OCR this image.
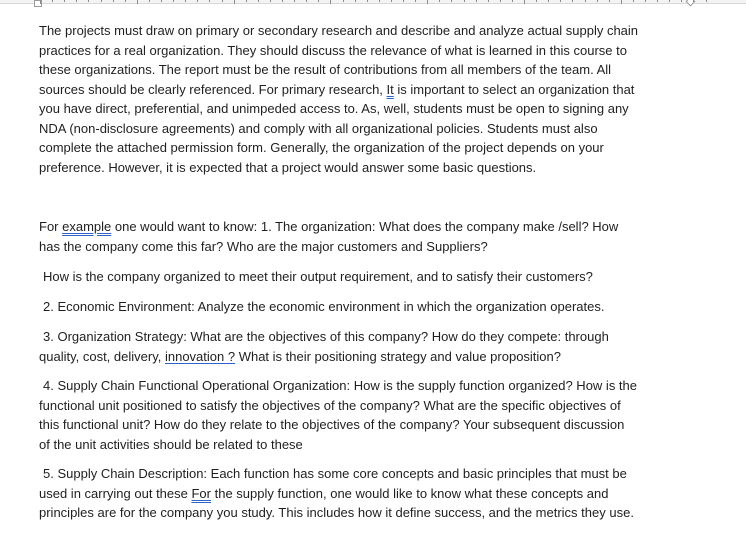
The projects must draw on primary or secondary research and describe and analyze actual supply chain
practices for a real organization. They should discuss the relevance of what is learned in this course to
these organizations. The report must be the result of contributions from all members of the team. All
sources should be clearly referenced. For primary research, It is important to select an organization that
you have direct, preferential, and unimpeded access to. As, well, students must be open to signing any
NDA (non-disclosure agreements) and comply with all organizational policies. Students must also
complete the attached permission form. Generally, the organization of the project depends on your
preference. However, it is expected that a project would answer some basic questions.
For example one would want to know: 1. The organization: What does the company make /sell? How
has the company come this far? Who are the major customers and Suppliers?
How is the company organized to meet their output requirement, and to satisfy their customers?
2. Economic Environment: Analyze the economic environment in which the organization operates.
3. Organization Strategy: What are the objectives of this company? How do they compete: through
quality, cost, delivery, innovation ? What is their positioning strategy and value proposition?
4. Supply Chain Functional Operational Organization: How is the supply function organized? How is the
functional unit positioned to satisfy the objectives of the company? What are the specific objectives of
this functional unit? How do they relate to the objectives of the company? Your subsequent discussion
of the unit activities should be related to these
5. Supply Chain Description: Each function has some core concepts and basic principles that must be
used in carrying out these For the supply function, one would like to know what these concepts and
principles are for the company you study. This includes how it define success, and the metrics they use.
